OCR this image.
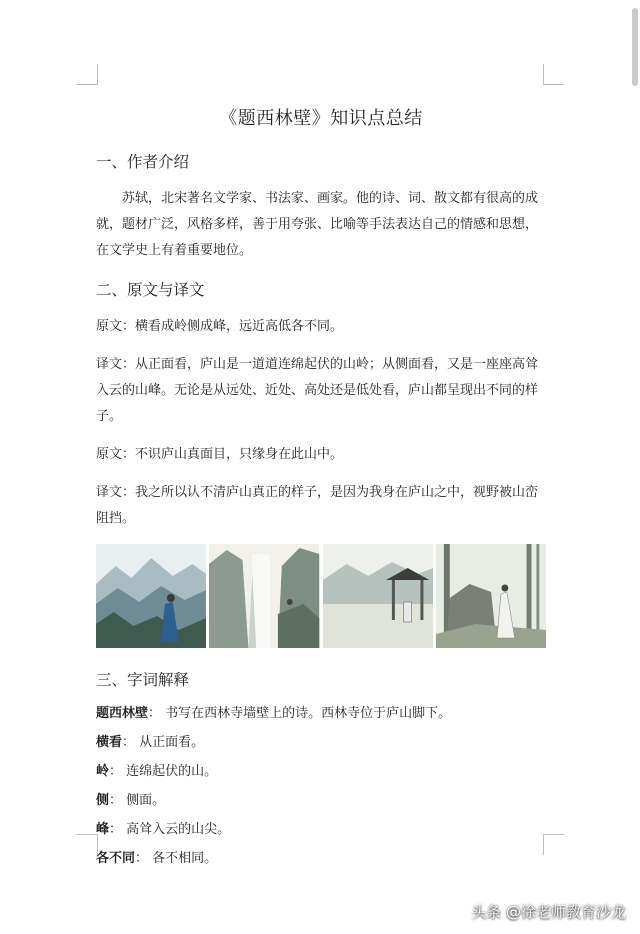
《题西林壁》知识点总结
一、作者介绍

苏轼，北宋著名文学家、书法家、画家。他的诗、词、散文都有很高的成就，题材广泛，风格多样，善于用夸张、比喻等手法表达自己的情感和思想，在文学史上有着重要地位。

二、原文与译文

原文：横看成岭侧成峰，远近高低各不同。

译文：从正面看，庐山是一道道连绵起伏的山岭；从侧面看，又是一座座高耸入云的山峰。无论是从远处、近处、高处还是低处看，庐山都呈现出不同的样子。

原文：不识庐山真面目，只缘身在此山中。

译文：我之所以认不清庐山真正的样子，是因为我身在庐山之中，视野被山峦阻挡。

三、字词解释

题西林壁： 书写在西林寺墙壁上的诗。西林寺位于庐山脚下。

横看： 从正面看。

岭： 连绵起伏的山。

侧： 侧面。

峰： 高耸入云的山尖。

各不同： 各不相同。

头条 @徐老师教育沙龙
